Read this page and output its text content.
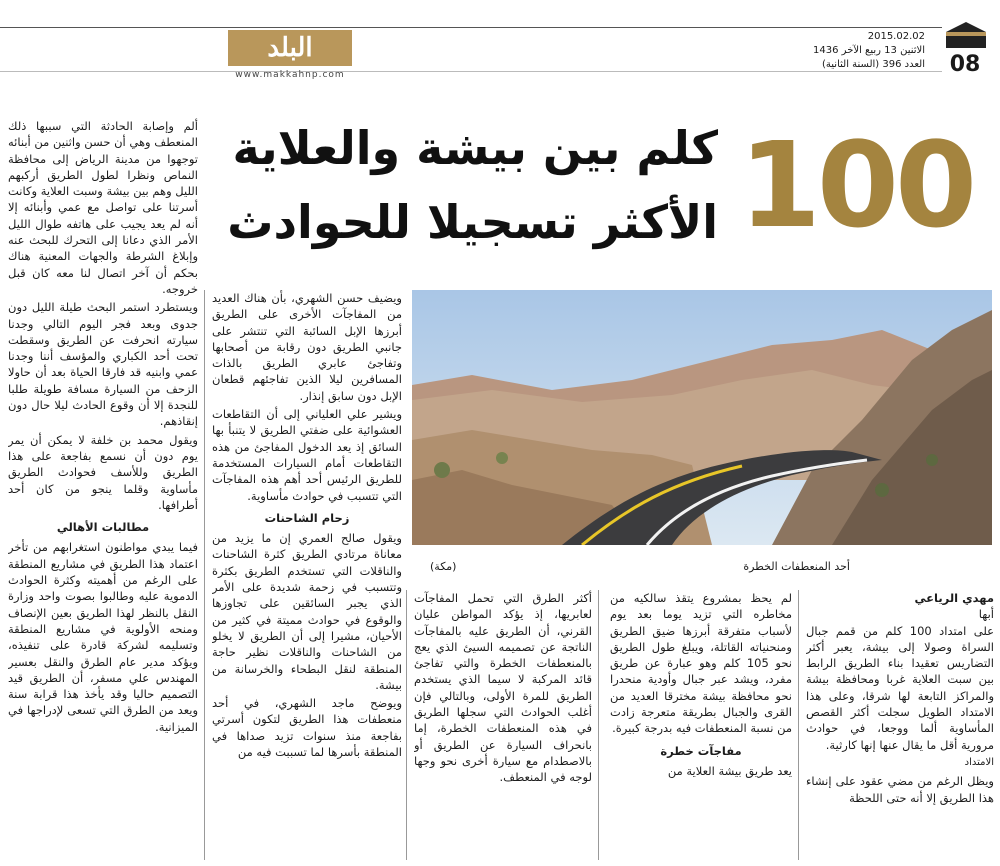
08
2015.02.02
الاثنين 13 ربيع الآخر 1436
العدد 396 (السنة الثانية)
البلد
www.makkahnp.com
100
كلم بين بيشة والعلاية
الأكثر تسجيلا للحوادث
أحد المنعطفات الخطرة
(مكة)
مهدي الرياعي
أبها

على امتداد 100 كلم من قمم جبال السراة وصولا إلى بيشة، يعبر أكثر التضاريس تعقيدا بناء الطريق الرابط بين سبت العلاية غربا ومحافظة بيشة والمراكز التابعة لها شرقا، وعلى هذا الامتداد الطويل سجلت أكثر القصص المأساوية ألما ووجعا، في حوادث مرورية أقل ما يقال عنها إنها كارثية.

الامتداد

ويظل الرغم من مضي عقود على إنشاء هذا الطريق إلا أنه حتى اللحظة

لم يحظ بمشروع يتقذ سالكيه من مخاطره التي تزيد يوما بعد يوم لأسباب متفرقة أبرزها ضيق الطريق ومنحنياته القاتلة، ويبلغ طول الطريق نحو 105 كلم وهو عبارة عن طريق مفرد، ويشد عبر جبال وأودية منحدرا نحو محافظة بيشة مخترقا العديد من القرى والجبال بطريقة متعرجة زادت من نسبة المنعطفات فيه بدرجة كبيرة.

مفاجآت خطرة

يعد طريق بيشة العلاية من

أكثر الطرق التي تحمل المفاجآت لعابريها، إذ يؤكد المواطن عليان القرني، أن الطريق عليه بالمفاجآت الناتجة عن تصميمه السيئ الذي يعج بالمنعطفات الخطرة والتي تفاجئ قائد المركبة لا سيما الذي يستخدم الطريق للمرة الأولى، وبالتالي فإن أغلب الحوادث التي سجلها الطريق في هذه المنعطفات الخطرة، إما بانحراف السيارة عن الطريق أو بالاصطدام مع سيارة أخرى نحو وجها لوجه في المنعطف.

ويضيف حسن الشهري، بأن هناك العديد من المفاجآت الأخرى على الطريق أبرزها الإبل السائبة التي تنتشر على جانبي الطريق دون رقابة من أصحابها وتفاجئ عابري الطريق بالذات المسافرين ليلا الذين تفاجئهم قطعان الإبل دون سابق إنذار.

ويشير علي العلياني إلى أن التقاطعات العشوائية على ضفتي الطريق لا يتنبأ بها السائق إذ يعد الدخول المفاجئ من هذه التقاطعات أمام السيارات المستخدمة للطريق الرئيس أحد أهم هذه المفاجآت التي تتسبب في حوادث مأساوية.

زحام الشاحنات

ويقول صالح العمري إن ما يزيد من معاناة مرتادي الطريق كثرة الشاحنات والناقلات التي تستخدم الطريق بكثرة وتتسبب في زحمة شديدة على الأمر الذي يجبر السائقين على تجاوزها والوقوع في حوادث مميتة في كثير من الأحيان، مشيرا إلى أن الطريق لا يخلو من الشاحنات والناقلات نظير حاجة المنطقة لنقل البطحاء والخرسانة من بيشة.

ويوضح ماجد الشهري، في أحد منعطفات هذا الطريق لتكون أسرتي بفاجعة منذ سنوات تزيد صداها في المنطقة بأسرها لما تسببت فيه من

ألم وإصابة الحادثة التي سببها ذلك المنعطف وهي أن حسن واثنين من أبنائه توجهوا من مدينة الرياض إلى محافظة النماص ونظرا لطول الطريق أركبهم الليل وهم بين بيشة وسبت العلاية وكانت أسرتنا على تواصل مع عمي وأبنائه إلا أنه لم يعد يجيب على هاتفه طوال الليل الأمر الذي دعانا إلى التحرك للبحث عنه وإبلاغ الشرطة والجهات المعنية هناك بحكم أن آخر اتصال لنا معه كان قبل خروجه.

ويستطرد استمر البحث طيلة الليل دون جدوى وبعد فجر اليوم التالي وجدنا سيارته انحرفت عن الطريق وسقطت تحت أحد الكباري والمؤسف أننا وجدنا عمي وابنيه قد فارقا الحياة بعد أن حاولا الزحف من السيارة مسافة طويلة طلبا للنجدة إلا أن وقوع الحادث ليلا حال دون إنقاذهم.

ويقول محمد بن خلفة لا يمكن أن يمر يوم دون أن نسمع بفاجعة على هذا الطريق وللأسف فحوادث الطريق مأساوية وقلما ينجو من كان أحد أطرافها.

مطالبات الأهالي

فيما يبدي مواطنون استغرابهم من تأخر اعتماد هذا الطريق في مشاريع المنطقة على الرغم من أهميته وكثرة الحوادث الدموية عليه وطالبوا بصوت واحد وزارة النقل بالنظر لهذا الطريق بعين الإنصاف ومنحه الأولوية في مشاريع المنطقة وتسليمه لشركة قادرة على تنفيذه، ويؤكد مدير عام الطرق والنقل بعسير المهندس علي مسفر، أن الطريق قيد التصميم حاليا وقد يأخذ هذا قرابة سنة ويعد من الطرق التي تسعى لإدراجها في الميزانية.
